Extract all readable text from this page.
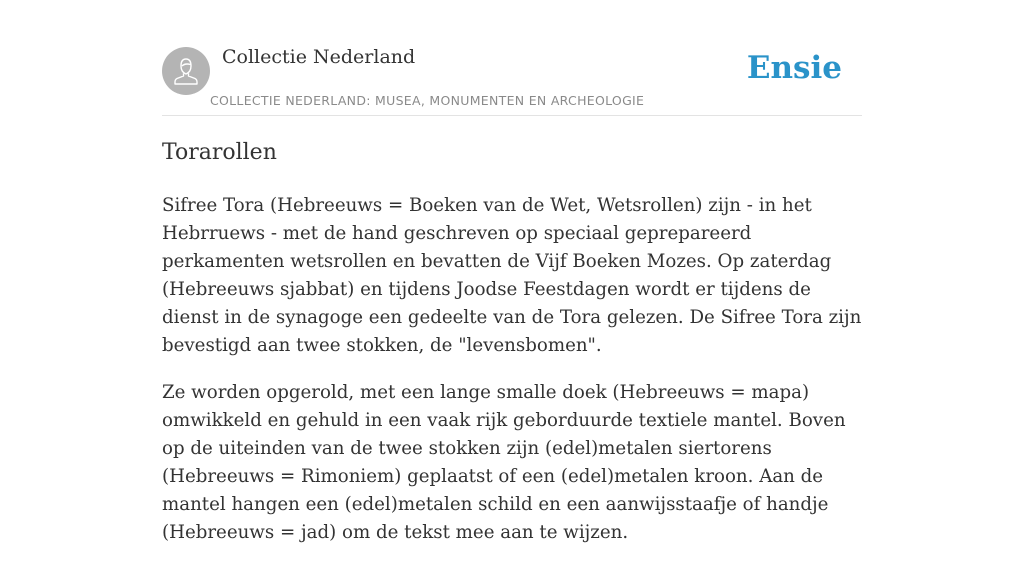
Collectie Nederland
COLLECTIE NEDERLAND: MUSEA, MONUMENTEN EN ARCHEOLOGIE
Ensie
Torarollen

Sifree Tora (Hebreeuws = Boeken van de Wet, Wetsrollen) zijn - in het Hebrruews - met de hand geschreven op speciaal geprepareerd perkamenten wetsrollen en bevatten de Vijf Boeken Mozes. Op zaterdag (Hebreeuws sjabbat) en tijdens Joodse Feestdagen wordt er tijdens de dienst in de synagoge een gedeelte van de Tora gelezen. De Sifree Tora zijn bevestigd aan twee stokken, de "levensbomen".

Ze worden opgerold, met een lange smalle doek (Hebreeuws = mapa) omwikkeld en gehuld in een vaak rijk geborduurde textiele mantel. Boven op de uiteinden van de twee stokken zijn (edel)metalen siertorens (Hebreeuws = Rimoniem) geplaatst of een (edel)metalen kroon. Aan de mantel hangen een (edel)metalen schild en een aanwijsstaafje of handje (Hebreeuws = jad) om de tekst mee aan te wijzen.
